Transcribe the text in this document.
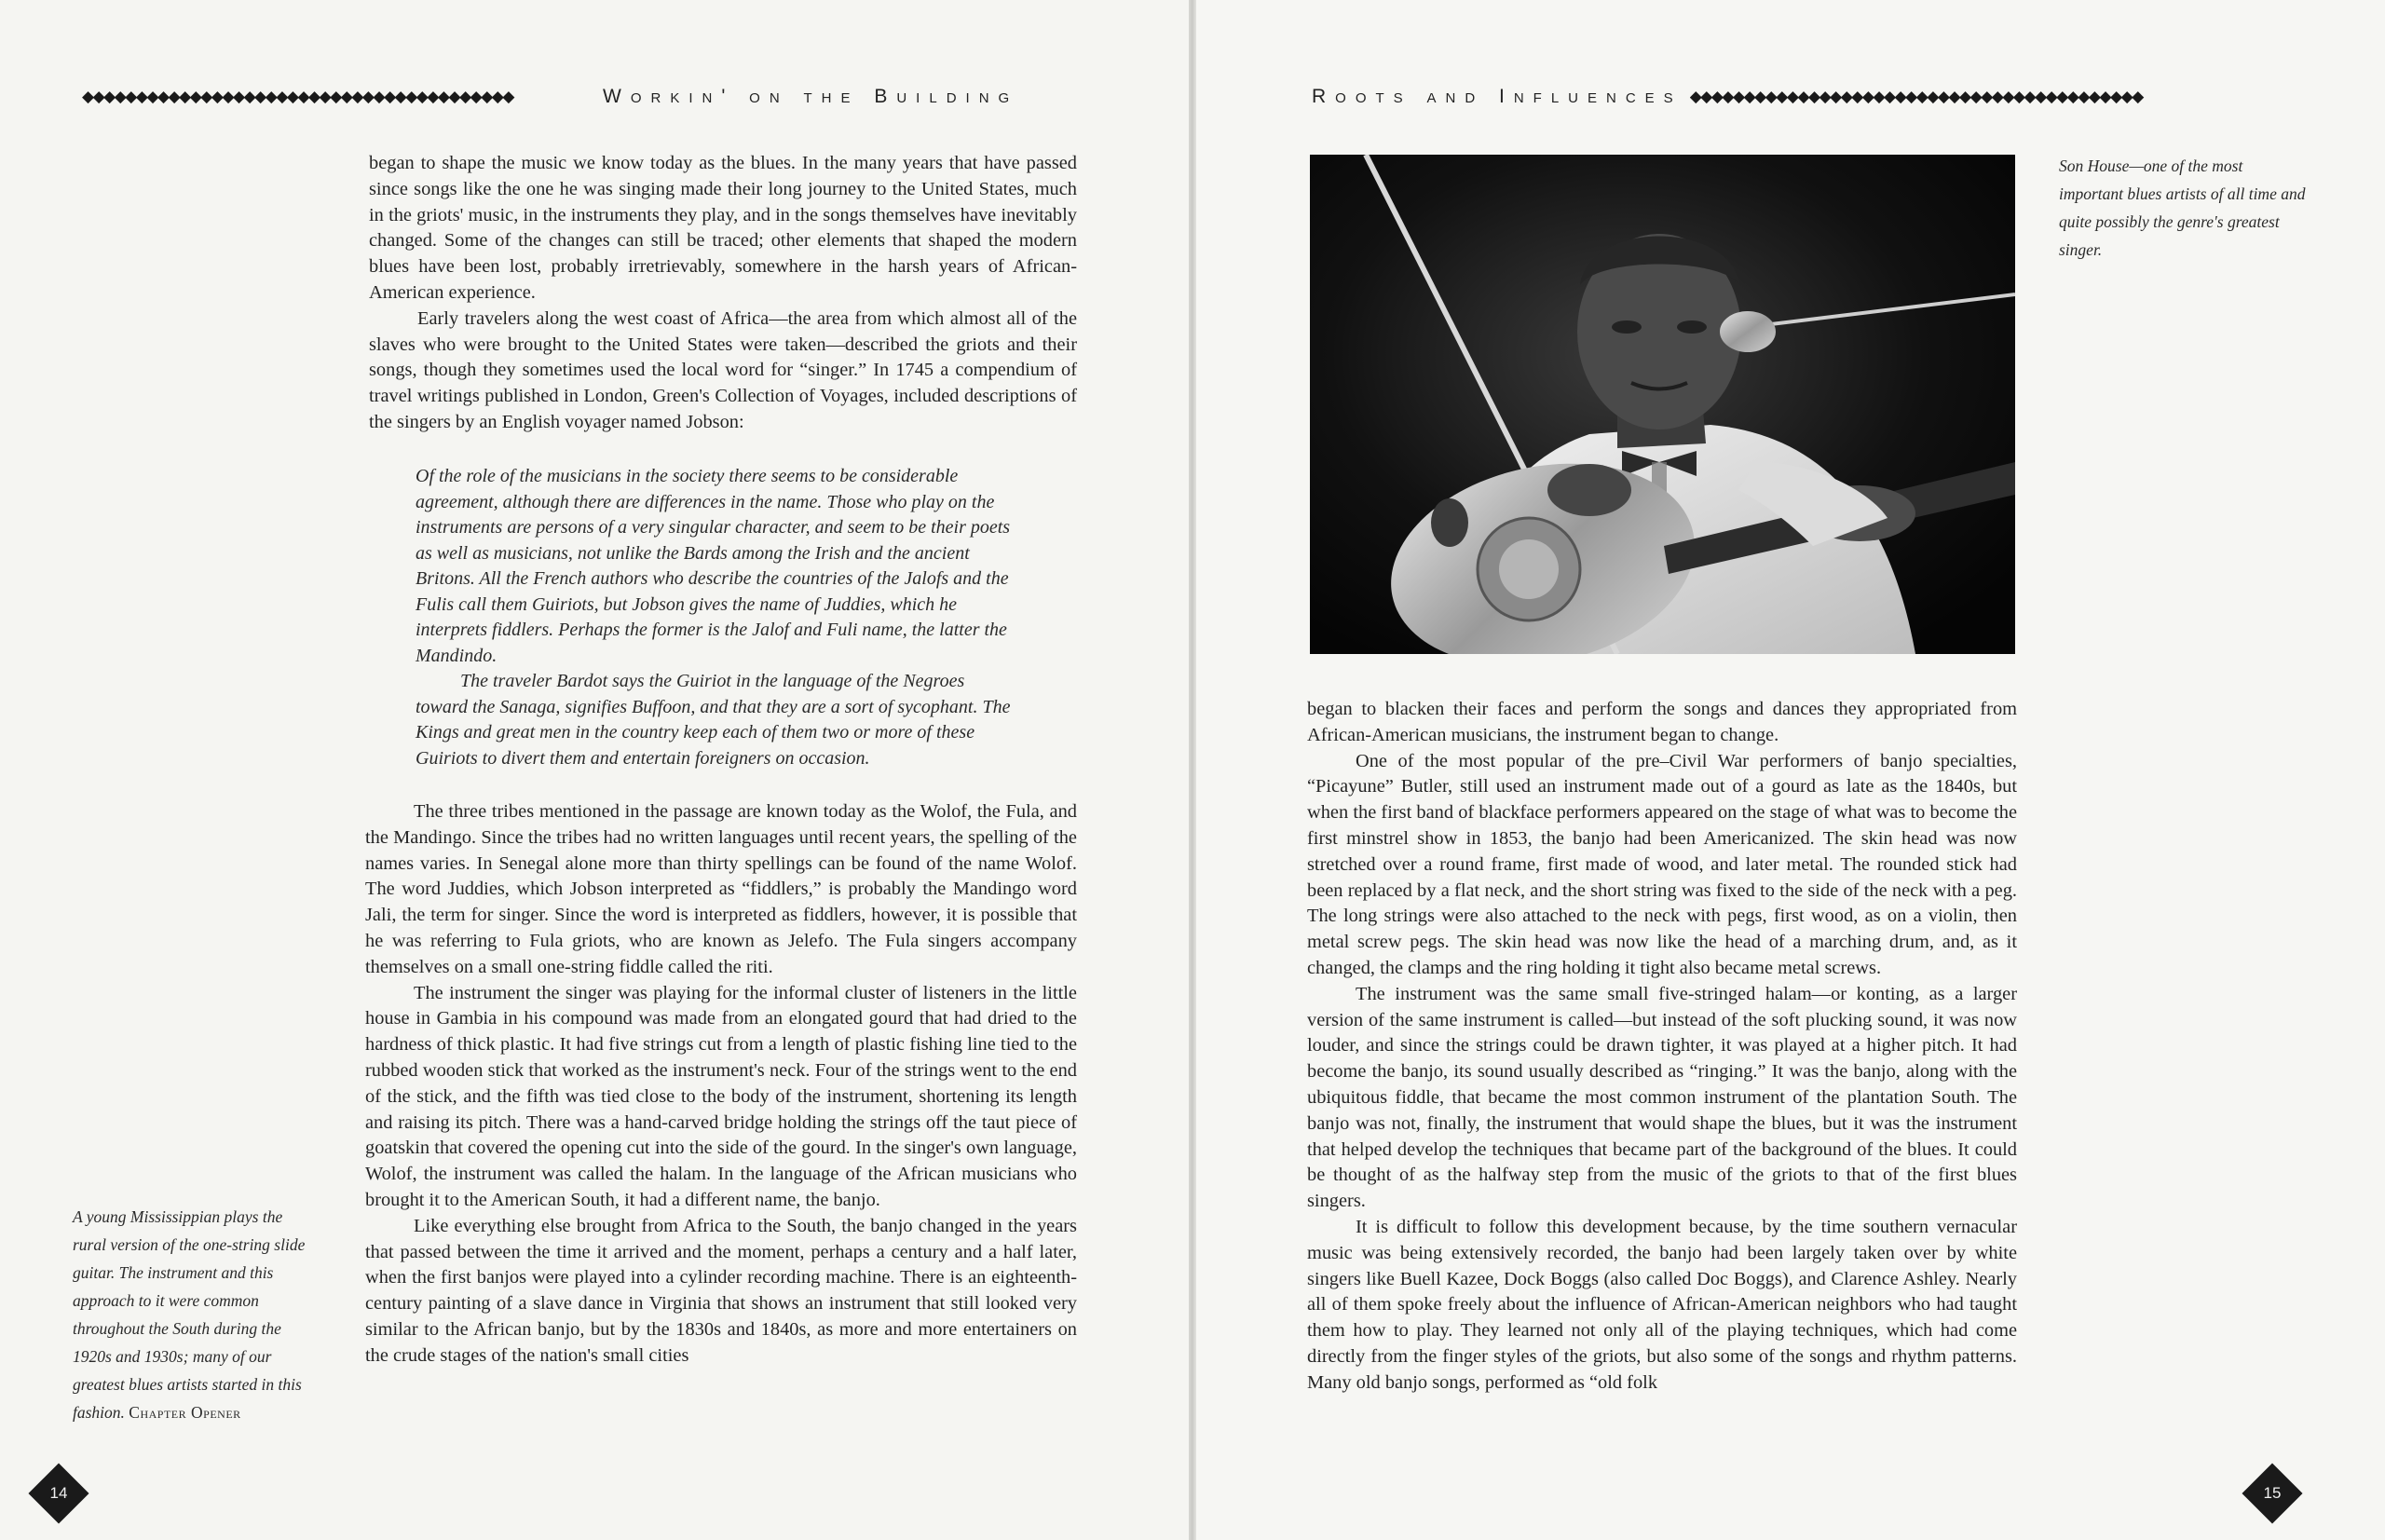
◆◆◆◆◆◆◆◆◆◆◆◆◆◆◆◆◆◆◆◆◆◆◆◆◆◆◆◆◆◆◆◆◆◆◆◆◆◆◆◆	Workin' on the Building

began to shape the music we know today as the blues. In the many years that have passed since songs like the one he was singing made their long journey to the United States, much in the griots' music, in the instruments they play, and in the songs themselves have inevitably changed. Some of the changes can still be traced; other elements that shaped the modern blues have been lost, probably irretrievably, somewhere in the harsh years of African-American experience.

Early travelers along the west coast of Africa—the area from which almost all of the slaves who were brought to the United States were taken—described the griots and their songs, though they sometimes used the local word for “singer.” In 1745 a compendium of travel writings published in London, Green's Collection of Voyages, included descriptions of the singers by an English voyager named Jobson:

Of the role of the musicians in the society there seems to be considerable agreement, although there are differences in the name. Those who play on the instruments are persons of a very singular character, and seem to be their poets as well as musicians, not unlike the Bards among the Irish and the ancient Britons. All the French authors who describe the countries of the Jalofs and the Fulis call them Guiriots, but Jobson gives the name of Juddies, which he interprets fiddlers. Perhaps the former is the Jalof and Fuli name, the latter the Mandindo.

The traveler Bardot says the Guiriot in the language of the Negroes toward the Sanaga, signifies Buffoon, and that they are a sort of sycophant. The Kings and great men in the country keep each of them two or more of these Guiriots to divert them and entertain foreigners on occasion.

The three tribes mentioned in the passage are known today as the Wolof, the Fula, and the Mandingo. Since the tribes had no written languages until recent years, the spelling of the names varies. In Senegal alone more than thirty spellings can be found of the name Wolof. The word Juddies, which Jobson interpreted as “fiddlers,” is probably the Mandingo word Jali, the term for singer. Since the word is interpreted as fiddlers, however, it is possible that he was referring to Fula griots, who are known as Jelefo. The Fula singers accompany themselves on a small one-string fiddle called the riti.

The instrument the singer was playing for the informal cluster of listeners in the little house in Gambia in his compound was made from an elongated gourd that had dried to the hardness of thick plastic. It had five strings cut from a length of plastic fishing line tied to the rubbed wooden stick that worked as the instrument's neck. Four of the strings went to the end of the stick, and the fifth was tied close to the body of the instrument, shortening its length and raising its pitch. There was a hand-carved bridge holding the strings off the taut piece of goatskin that covered the opening cut into the side of the gourd. In the singer's own language, Wolof, the instrument was called the halam. In the language of the African musicians who brought it to the American South, it had a different name, the banjo.

Like everything else brought from Africa to the South, the banjo changed in the years that passed between the time it arrived and the moment, perhaps a century and a half later, when the first banjos were played into a cylinder recording machine. There is an eighteenth-century painting of a slave dance in Virginia that shows an instrument that still looked very similar to the African banjo, but by the 1830s and 1840s, as more and more entertainers on the crude stages of the nation's small cities

A young Mississippian plays the rural version of the one-string slide guitar. The instrument and this approach to it were common throughout the South during the 1920s and 1930s; many of our greatest blues artists started in this fashion. Chapter Opener
14
Roots and Influences ◆◆◆◆◆◆◆◆◆◆◆◆◆◆◆◆◆◆◆◆◆◆◆◆◆◆◆◆◆◆◆◆◆◆◆◆◆◆◆◆◆◆
Son House—one of the most important blues artists of all time and quite possibly the genre's greatest singer.

began to blacken their faces and perform the songs and dances they appropriated from African-American musicians, the instrument began to change.

One of the most popular of the pre–Civil War performers of banjo specialties, “Picayune” Butler, still used an instrument made out of a gourd as late as the 1840s, but when the first band of blackface performers appeared on the stage of what was to become the first minstrel show in 1853, the banjo had been Americanized. The skin head was now stretched over a round frame, first made of wood, and later metal. The rounded stick had been replaced by a flat neck, and the short string was fixed to the side of the neck with a peg. The long strings were also attached to the neck with pegs, first wood, as on a violin, then metal screw pegs. The skin head was now like the head of a marching drum, and, as it changed, the clamps and the ring holding it tight also became metal screws.

The instrument was the same small five-stringed halam—or konting, as a larger version of the same instrument is called—but instead of the soft plucking sound, it was now louder, and since the strings could be drawn tighter, it was played at a higher pitch. It had become the banjo, its sound usually described as “ringing.” It was the banjo, along with the ubiquitous fiddle, that became the most common instrument of the plantation South. The banjo was not, finally, the instrument that would shape the blues, but it was the instrument that helped develop the techniques that became part of the background of the blues. It could be thought of as the halfway step from the music of the griots to that of the first blues singers.

It is difficult to follow this development because, by the time southern vernacular music was being extensively recorded, the banjo had been largely taken over by white singers like Buell Kazee, Dock Boggs (also called Doc Boggs), and Clarence Ashley. Nearly all of them spoke freely about the influence of African-American neighbors who had taught them how to play. They learned not only all of the playing techniques, which had come directly from the finger styles of the griots, but also some of the songs and rhythm patterns. Many old banjo songs, performed as “old folk

15
